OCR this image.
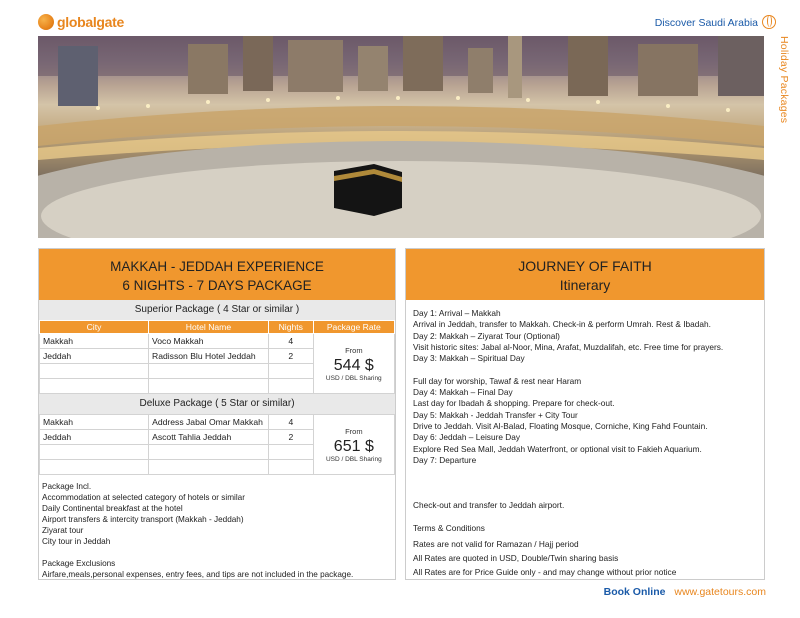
globalgate	Discover Saudi Arabia
Holiday Packages
MAKKAH - JEDDAH EXPERIENCE
6 NIGHTS - 7 DAYS PACKAGE
Superior Package ( 4 Star or similar )
City	Hotel Name	Nights	Package Rate
Makkah	Voco Makkah	4	From
544 $
USD / DBL Sharing

Jeddah	Radisson Blu Hotel Jeddah	2	

Deluxe Package ( 5 Star or similar)
Makkah	Address Jabal Omar Makkah	4	From
651 $
USD / DBL Sharing

Jeddah	Ascott Tahlia Jeddah	2	

Package Incl.
Accommodation at selected category of hotels or similar
Daily Continental breakfast at the hotel
Airport transfers & intercity transport (Makkah - Jeddah)
Ziyarat tour
City tour in Jeddah
Package Exclusions
Airfare,meals,personal expenses, entry fees, and tips are not included in the package.
JOURNEY OF FAITH
Itinerary
Day 1: Arrival – Makkah
Arrival in Jeddah, transfer to Makkah. Check-in & perform Umrah. Rest & Ibadah.
Day 2: Makkah – Ziyarat Tour (Optional)
Visit historic sites: Jabal al-Noor, Mina, Arafat, Muzdalifah, etc. Free time for prayers.
Day 3: Makkah – Spiritual Day
Full day for worship, Tawaf & rest near Haram
Day 4: Makkah – Final Day
Last day for Ibadah & shopping. Prepare for check-out.
Day 5: Makkah - Jeddah Transfer + City Tour
Drive to Jeddah. Visit Al-Balad, Floating Mosque, Corniche, King Fahd Fountain.
Day 6: Jeddah – Leisure Day
Explore Red Sea Mall, Jeddah Waterfront, or optional visit to Fakieh Aquarium.
Day 7: Departure
Check-out and transfer to Jeddah airport.
Terms & Conditions
Rates are not valid for Ramazan / Hajj period
All Rates are quoted in USD, Double/Twin sharing basis
All Rates are for Price Guide only - and may change without prior notice
Book Online www.gatetours.com
